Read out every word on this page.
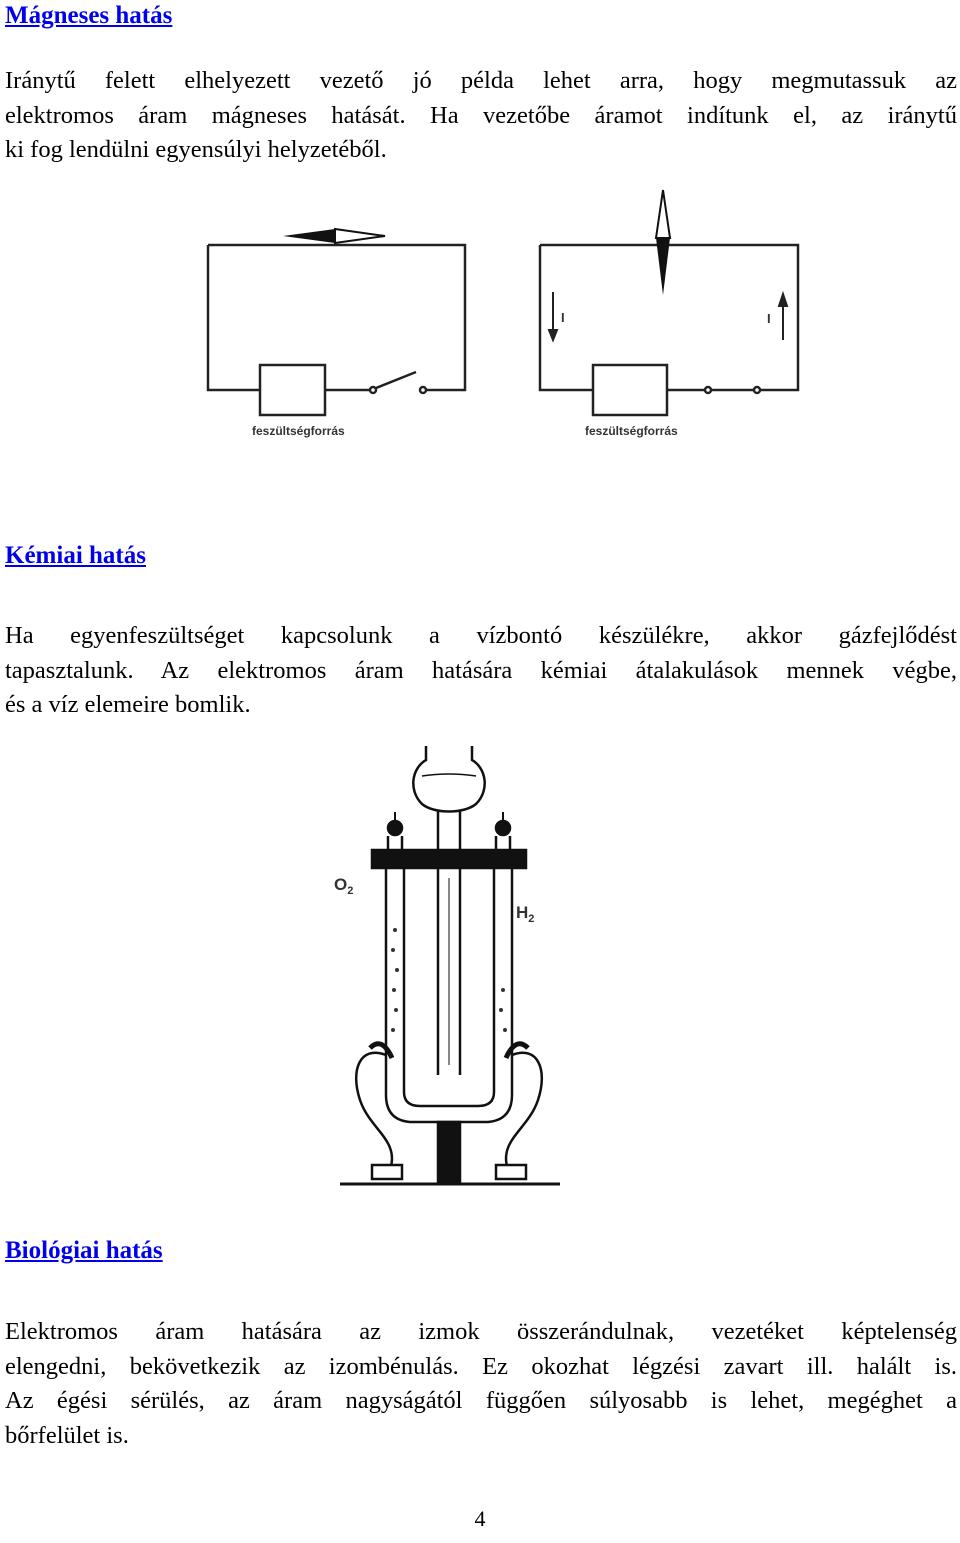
Mágneses hatás
Iránytű felett elhelyezett vezető jó példa lehet arra, hogy megmutassuk az
elektromos áram mágneses hatását. Ha vezetőbe áramot indítunk el, az iránytű
ki fog lendülni egyensúlyi helyzetéből.
feszültségforrás
I	I
feszültségforrás
Kémiai hatás
Ha egyenfeszültséget kapcsolunk a vízbontó készülékre, akkor gázfejlődést
tapasztalunk. Az elektromos áram hatására kémiai átalakulások mennek végbe,
és a víz elemeire bomlik.
$O_2$
$H_2$
Biológiai hatás
Elektromos áram hatására az izmok összerándulnak, vezetéket képtelenség
elengedni, bekövetkezik az izombénulás. Ez okozhat légzési zavart ill. halált is.
Az égési sérülés, az áram nagyságától függően súlyosabb is lehet, megéghet a
bőrfelület is.
4
